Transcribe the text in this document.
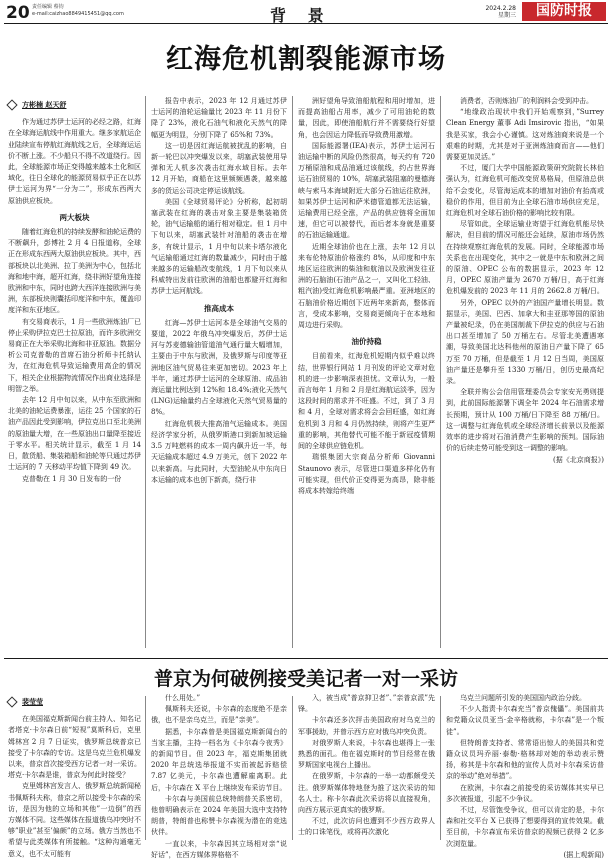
20 责任编辑 蔡钧
e-mail:caizhao8849415451@qq.com	背 景	2024.2.28
星期三	国防时报
红海危机割裂能源市场

方彬楠 赵天舒

作为通过苏伊士运河的必经之路，红海在全球海运航线中作用重大。继多家航运企业陆续宣布停航红海航线之后，全球海运运价不断上涨。不少船只不得不改道绕行。因此，全球能源市场正变得越来越本土化和区域化，往日全球化的能源贸易似乎正在以苏伊士运河为界“一分为二”，形成东西两大原油供应板块。

两大板块

随着红海危机的持续发酵和油轮运费的不断飙升，彭博社 2 月 4 日报道称，全球正在形成东西两大原油供应板块。其中，西部板块以北美洲、拉丁美洲为中心，包括北海和地中海，超开红海，绕非洲好望角连接欧洲和中东，同时也跨大西洋连接欧洲与美洲，东部板块则囊括印度洋和中东，覆盖印度洋和东亚地区。

有交易商表示，1 月一些欧洲炼油厂已停止采购伊拉克巴士拉原油，而许多欧洲交易商正在大举采购北海和非亚原油。数据分析公司克普勒的首席石油分析师卡托纳认为，在红海危机导致运输费用高企的情况下，相关企业根据物流情况作出商业选择是明智之举。

去年 12 月中旬以来，从中东至欧洲和北美的油轮运费暴涨，运往 25 个国家的石油产品因此受到影响，伊拉克出口至北美洲的原油量大增，在一些原油出口量降至接近于零水平。相关统计显示，截至 1 月 14 日，散货船、集装箱船和油轮等只通过苏伊士运河的 7 天移动平均值下降到 49 次。

克普勒在 1 月 30 日发布的一份

报告中表示，2023 年 12 月通过苏伊士运河的油轮运输量比 2023 年 11 月份下降了 23%，液化石油气和液化天然气的降幅更为明显，分别下降了 65%和 73%。

这一切是因红海运航被扰乱的影响，自新一轮巴以冲突爆发以来，胡塞武装使用导弹和无人机多次袭击红海水域目标。去年 12 月开始，商船在这里频频遇袭，越来越多的货运公司决定停运该航线。

美国《全球贸易评论》分析称，起初胡塞武装在红海的袭击对象主要是集装箱货轮，油气运输船的通行相对稳定。但 1 月中下旬以来，胡塞武装针对油船的袭击在增多，有统计显示，1 月中旬以来卡塔尔液化气运输船通过红海的数量减少，同时由于越来越多的运输船改变航线，1 月下旬以来从科威特出发前往欧洲的油船也都避开红海和苏伊士运河航线。

推高成本

红海—苏伊士运河本是全球油气交易的要道，2022 年俄乌冲突爆发后，苏伊士运河与苏麦德输油管道油气通行量大幅增加，主要由于中东与欧洲，及俄罗斯与印度等亚洲地区油气贸易往来更加密切。2023 年上半年，通过苏伊士运河的全球原油、成品油海运量比例达到 12%和 18.4%;液化天然气(LNG)运输量约占全球液化天然气贸易量的 8%。

红海危机极大推高油气运输成本。美国经济学家分析，从俄罗斯港口到新加坡运输 3.5 万吨燃料的成本一周内飙升近一半，每天运输成本超过 4.9 万美元，创下 2022 年以来新高。与此同时，大型油轮从中东向日本运输的成本也创下新高，绕行非

洲好望角导致油船航程和用时增加，进而提高油船占用率，减少了可用油轮的数量，因此，即使油船航行并不需要绕行好望角，也会因运力降低而导致费用激增。

国际能源署(IEA)表示，苏伊士运河石油运输中断的风险仍然很高，每天约有 720 万桶原油和成品油通过该航线，约占世界海运石油贸易的 10%，胡塞武装阻塞的曼德海峡与索马本海域附近大部分石油运往欧洲，如果苏伊士运河和萨米德管道都无法运输，运输费用已经全涨，产品的供应链将全面加速，但它可以被替代，而后者本身就是重要的石油运输通道。

近期全球油价也在上涨，去年 12 月以来布伦特原油价格涨约 8%，从印度和中东地区运往欧洲的柴油和航油以及欧洲发往亚洲的石脑油(石油产品之一，又叫化工轻油、粗汽油)受红海危机影响最严重。亚洲地区的石脑油价格近期创下近两年来新高，整体而言，受成本影响，交易商更倾向于在本地和周边进行采购。

油价持稳

目前看来，红海危机短期内似乎难以终结，世界银行网站 1 月刊发的评论文章对危机的进一步影响深表担忧。文章认为，一般而言每年 1 月和 2 月是红海航运淡季，因为这段时间的需求并不旺盛。不过，到了 3 月和 4 月，全球对需求将会会回旺盛，如红海危机到 3 月和 4 月仍然持续，则将产生更严重的影响，其他替代可能不能于新冠疫情期间的全球供应链危机。

瑞银集团大宗商品分析师 Giovanni Staunovo 表示，尽管进口渠道多样化仍有可能实现，但代价正变得更为高昂，除非能将成本转嫁给终端

消费者，否则炼油厂的利润料会受到冲击。

“地缘政治现状中我们开始观察到，”Surrey Clean Energy 董事 Adi Imsirovic 指出，“如果我是买家，我会小心谨慎。这对炼油商来说是一个艰难的时期，尤其是对于亚洲炼油商而言——他们需要更加灵活。”

不过，厦门大学中国能源政策研究院院长林伯强认为，红海危机可能改变贸易格局，但原油总供给不会变化，尽管海运成本的增加对油价有抬高或稳价的作用，但目前为止全球石油市场供应充足，红海危机对全球石油价格的影响比较有限。

尽管如此，全球运输业寄望于红海危机能尽快解决，但目前的情况可能还会延续，原油市场仍然在持续观察红海危机的发展。同时，全球能源市场关系也在出现变化，其中之一就是中东和欧洲之间的原油、OPEC 公布的数据显示，2023 年 12 月，OPEC 原油产量为 2670 万桶/日，高于红海危机爆发前的 2023 年 11 月的 2662.8 万桶/日。

另外，OPEC 以外的产油国产量增长明显。数据显示，美国、巴西、加拿大和圭亚那等国的原油产量被纪录，仍在美国制裁下伊拉克的供应与石油出口甚至增加了 50 万桶左右。尽管北美遭遇寒潮，导致美国北达科他州的原油日产量下降了 65 万至 70 万桶，但是截至 1 月 12 日当周，美国原油产量还是攀升至 1330 万桶/日，创历史最高纪录。

全联并购公会信用管理委员会专家安光勇则提到，此前国际能源署下调全年 2024 年石油需求增长预期，预计从 100 万桶/日下降至 88 万桶/日。这一调整与红海危机或全球经济增长前景以及能源效率的进步将对石油消费产生影响的预判。国际油价的后续走势可能受到这一调整的影响。

(据《北京商报》)

普京为何破例接受美记者一对一采访

裴莹莹

在美国福克斯新闻台前主持人、知名记者塔克·卡尔森日前“短视”莫斯科后，克里姆林宫 2 月 7 日证实，俄罗斯总统普京已接受了卡尔森的专访。这是乌克兰危机爆发以来，普京首次接受西方记者一对一采访。塔克·卡尔森是谁，普京为何此时接受？

克里姆林宫发言人、俄罗斯总统新闻秘书佩斯科夫称，普京之所以接受卡尔森的采访，是因为他的立场和其他”一边倒”的西方媒体不同。这些媒体在报道俄乌冲突时不够”职业”甚至’偏颇”的立场。俄方当然也不希望与此类媒体有所接触。“这种沟通毫无意义，也不太可能有

什么用处。”

佩斯科夫还说，卡尔森的态度绝不是亲俄，也不是亲乌克兰，而是”亲美”。

据悉，卡尔森曾是美国福克斯新闻台的当家主播，主持一档名为《卡尔森今夜秀》的新闻节目。但 2023 年，福克斯集团就 2020 年总统选举报道不实而被起诉赔偿 7.87 亿美元，卡尔森也遭解雇离职。此后，卡尔森在 X 平台上继续发布采访节目。

卡尔森与美国前总统特朗普关系密切，他曾明确表示在 2024 年美国大选中支持特朗普，特朗普也称赞卡尔森视为潜在的竞选伙伴。

一直以来，卡尔森因其立场相对亲“说好话”，在西方媒体界格格不

入，被当成”普京抑卫者”、”亲普京派”先锋。

卡尔森还多次抨击美国政府对乌克兰的军事援助，并曾示西方应对俄乌冲突负责。

对俄罗斯人来说，卡尔森也堪得上一张熟悉的面孔。他在福克斯时的节目经常在俄罗斯国家电视台上播出。

在俄罗斯，卡尔森的一举一动都颇受关注。俄罗斯媒体特地登为推了这次采访的知名人士。称卡尔森此次采访将以直接视角，向西方展示更真实的俄罗斯。

不过，此次访问也遭到不少西方政界人士的口诛笔伐，或将再次激化

乌克兰问题所引发的美国国内政治分歧。

不少人指责卡尔森充当”普京傀儡”。美国前共和党籍众议员亚当·金辛格就称，卡尔森”是一个叛徒”。

但特朗普支持者、常常语出惊人的美国共和党籍众议员玛乔丽·泰勒·格林却对她的举动表示赞扬，称其是卡尔森和他的宣传人员对卡尔森采访普京的举动”绝对举措”。

在欧洲，卡尔森之前接受的采访媒体其实早已多次被报道，引起不少争议。

不过，尽管饱受争议，但可以肯定的是，卡尔森和社交平台 X 已获得了想要得到的宣传效果。截至目前，卡尔森宣布采访普京的视频已获得 2 亿多次浏览量。

(据上观新闻)
